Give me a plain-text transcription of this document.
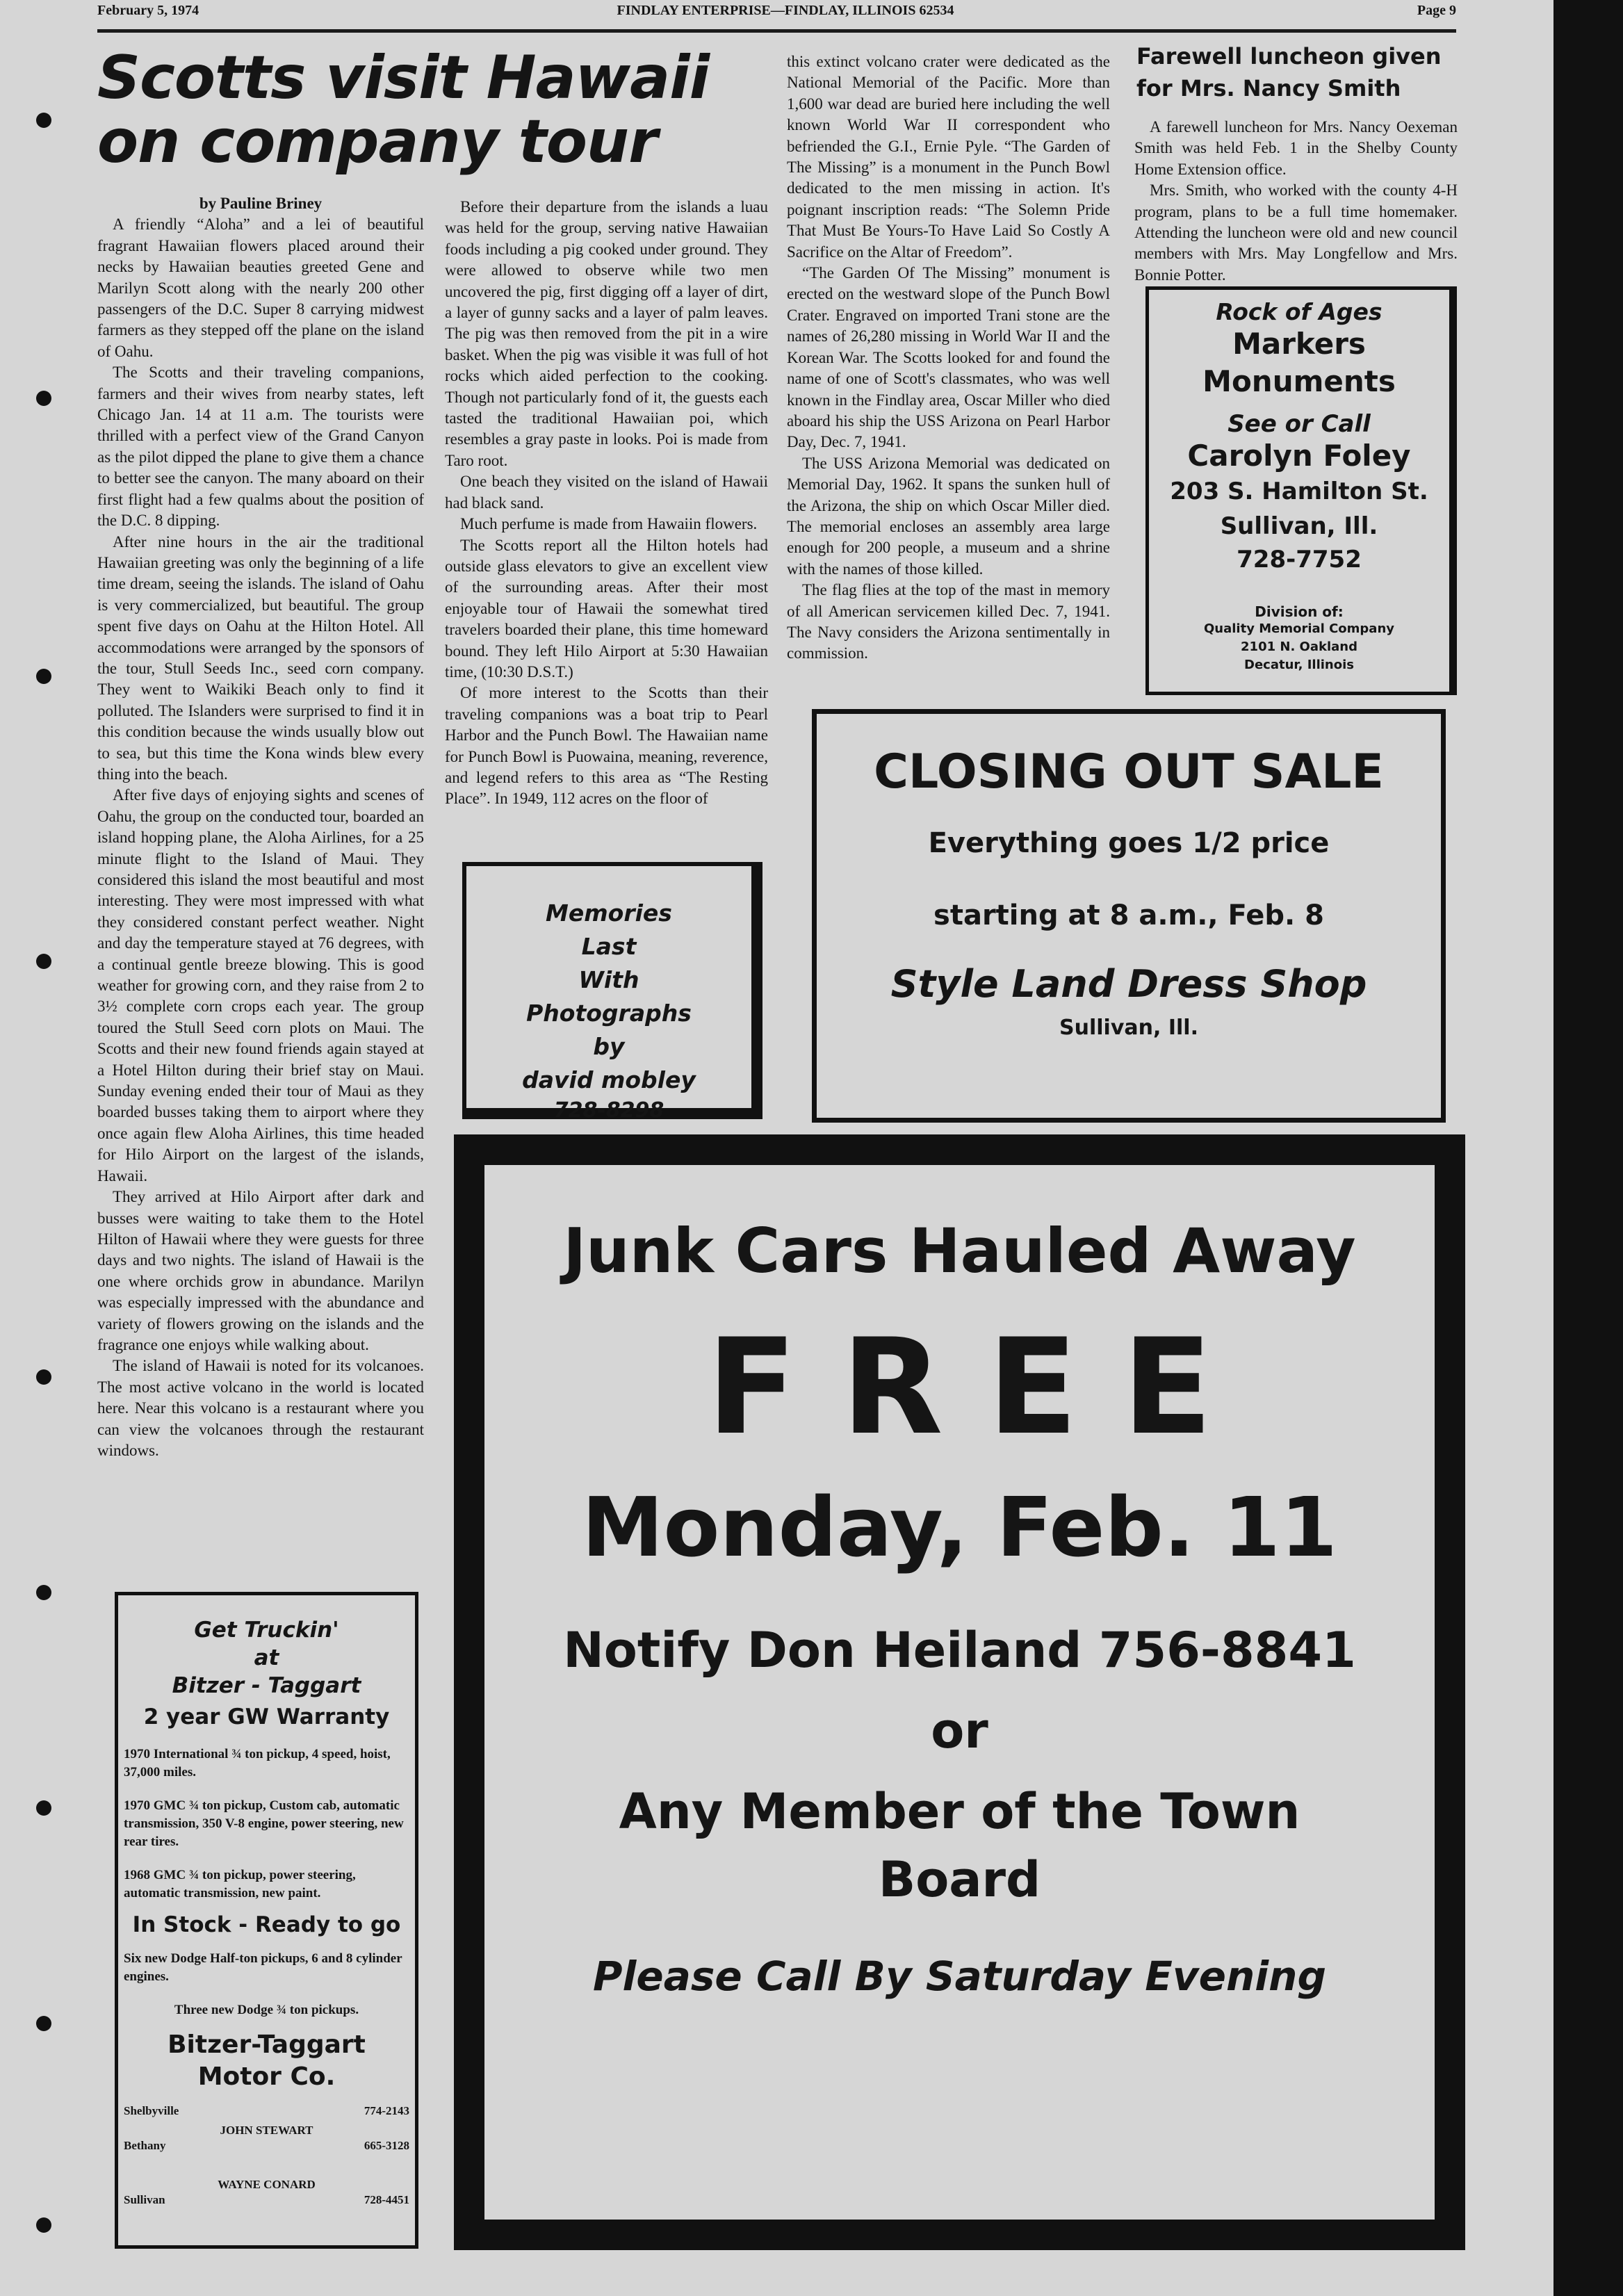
February 5, 1974	FINDLAY ENTERPRISE—FINDLAY, ILLINOIS 62534	Page 9
Scotts visit Hawaii
on company tour
by Pauline Briney

A friendly “Aloha” and a lei of beautiful fragrant Hawaiian flowers placed around their necks by Hawaiian beauties greeted Gene and Marilyn Scott along with the nearly 200 other passengers of the D.C. Super 8 carrying midwest farmers as they stepped off the plane on the island of Oahu.

The Scotts and their traveling companions, farmers and their wives from nearby states, left Chicago Jan. 14 at 11 a.m. The tourists were thrilled with a perfect view of the Grand Canyon as the pilot dipped the plane to give them a chance to better see the canyon. The many aboard on their first flight had a few qualms about the position of the D.C. 8 dipping.

After nine hours in the air the traditional Hawaiian greeting was only the beginning of a life time dream, seeing the islands. The island of Oahu is very commercialized, but beautiful. The group spent five days on Oahu at the Hilton Hotel. All accommodations were arranged by the sponsors of the tour, Stull Seeds Inc., seed corn company. They went to Waikiki Beach only to find it polluted. The Islanders were surprised to find it in this condition because the winds usually blow out to sea, but this time the Kona winds blew every thing into the beach.

After five days of enjoying sights and scenes of Oahu, the group on the conducted tour, boarded an island hopping plane, the Aloha Airlines, for a 25 minute flight to the Island of Maui. They considered this island the most beautiful and most interesting. They were most impressed with what they considered constant perfect weather. Night and day the temperature stayed at 76 degrees, with a continual gentle breeze blowing. This is good weather for growing corn, and they raise from 2 to 3½ complete corn crops each year. The group toured the Stull Seed corn plots on Maui. The Scotts and their new found friends again stayed at a Hotel Hilton during their brief stay on Maui. Sunday evening ended their tour of Maui as they boarded busses taking them to airport where they once again flew Aloha Airlines, this time headed for Hilo Airport on the largest of the islands, Hawaii.

They arrived at Hilo Airport after dark and busses were waiting to take them to the Hotel Hilton of Hawaii where they were guests for three days and two nights. The island of Hawaii is the one where orchids grow in abundance. Marilyn was especially impressed with the abundance and variety of flowers growing on the islands and the fragrance one enjoys while walking about.

The island of Hawaii is noted for its volcanoes. The most active volcano in the world is located here. Near this volcano is a restaurant where you can view the volcanoes through the restaurant windows.

Before their departure from the islands a luau was held for the group, serving native Hawaiian foods including a pig cooked under ground. They were allowed to observe while two men uncovered the pig, first digging off a layer of dirt, a layer of gunny sacks and a layer of palm leaves. The pig was then removed from the pit in a wire basket. When the pig was visible it was full of hot rocks which aided perfection to the cooking. Though not particularly fond of it, the guests each tasted the traditional Hawaiian poi, which resembles a gray paste in looks. Poi is made from Taro root.

One beach they visited on the island of Hawaii had black sand.

Much perfume is made from Hawaiin flowers.

The Scotts report all the Hilton hotels had outside glass elevators to give an excellent view of the surrounding areas. After their most enjoyable tour of Hawaii the somewhat tired travelers boarded their plane, this time homeward bound. They left Hilo Airport at 5:30 Hawaiian time, (10:30 D.S.T.)

Of more interest to the Scotts than their traveling companions was a boat trip to Pearl Harbor and the Punch Bowl. The Hawaiian name for Punch Bowl is Puowaina, meaning, reverence, and legend refers to this area as “The Resting Place”. In 1949, 112 acres on the floor of

this extinct volcano crater were dedicated as the National Memorial of the Pacific. More than 1,600 war dead are buried here including the well known World War II correspondent who befriended the G.I., Ernie Pyle. “The Garden of The Missing” is a monument in the Punch Bowl dedicated to the men missing in action. It's poignant inscription reads: “The Solemn Pride That Must Be Yours-To Have Laid So Costly A Sacrifice on the Altar of Freedom”.

“The Garden Of The Missing” monument is erected on the westward slope of the Punch Bowl Crater. Engraved on imported Trani stone are the names of 26,280 missing in World War II and the Korean War. The Scotts looked for and found the name of one of Scott's classmates, who was well known in the Findlay area, Oscar Miller who died aboard his ship the USS Arizona on Pearl Harbor Day, Dec. 7, 1941.

The USS Arizona Memorial was dedicated on Memorial Day, 1962. It spans the sunken hull of the Arizona, the ship on which Oscar Miller died. The memorial encloses an assembly area large enough for 200 people, a museum and a shrine with the names of those killed.

The flag flies at the top of the mast in memory of all American servicemen killed Dec. 7, 1941. The Navy considers the Arizona sentimentally in commission.

Farewell luncheon given
for Mrs. Nancy Smith

A farewell luncheon for Mrs. Nancy Oexeman Smith was held Feb. 1 in the Shelby County Home Extension office.

Mrs. Smith, who worked with the county 4-H program, plans to be a full time homemaker. Attending the luncheon were old and new council members with Mrs. May Longfellow and Mrs. Bonnie Potter.

Rock of Ages
Markers
Monuments
See or Call
Carolyn Foley
203 S. Hamilton St.
Sullivan, Ill.
728-7752
Division of:
Quality Memorial Company
2101 N. Oakland
Decatur, Illinois
CLOSING OUT SALE
Everything goes 1/2 price
starting at 8 a.m., Feb. 8
Style Land Dress Shop
Sullivan, Ill.
Memories
Last
With
Photographs
by
david mobley
728-8298
Junk Cars Hauled Away
FREE
Monday, Feb. 11
Notify Don Heiland 756-8841
or
Any Member of the Town
Board
Please Call By Saturday Evening
Get Truckin'
at
Bitzer - Taggart
2 year GW Warranty
1970 International ¾ ton pickup, 4 speed, hoist, 37,000 miles.
1970 GMC ¾ ton pickup, Custom cab, automatic transmission, 350 V-8 engine, power steering, new rear tires.
1968 GMC ¾ ton pickup, power steering, automatic transmission, new paint.
In Stock - Ready to go
Six new Dodge Half-ton pickups, 6 and 8 cylinder engines.
Three new Dodge ¾ ton pickups.
Bitzer-Taggart
Motor Co.
Shelbyville	774-2143
JOHN STEWART
Bethany	665-3128
WAYNE CONARD
Sullivan	728-4451
